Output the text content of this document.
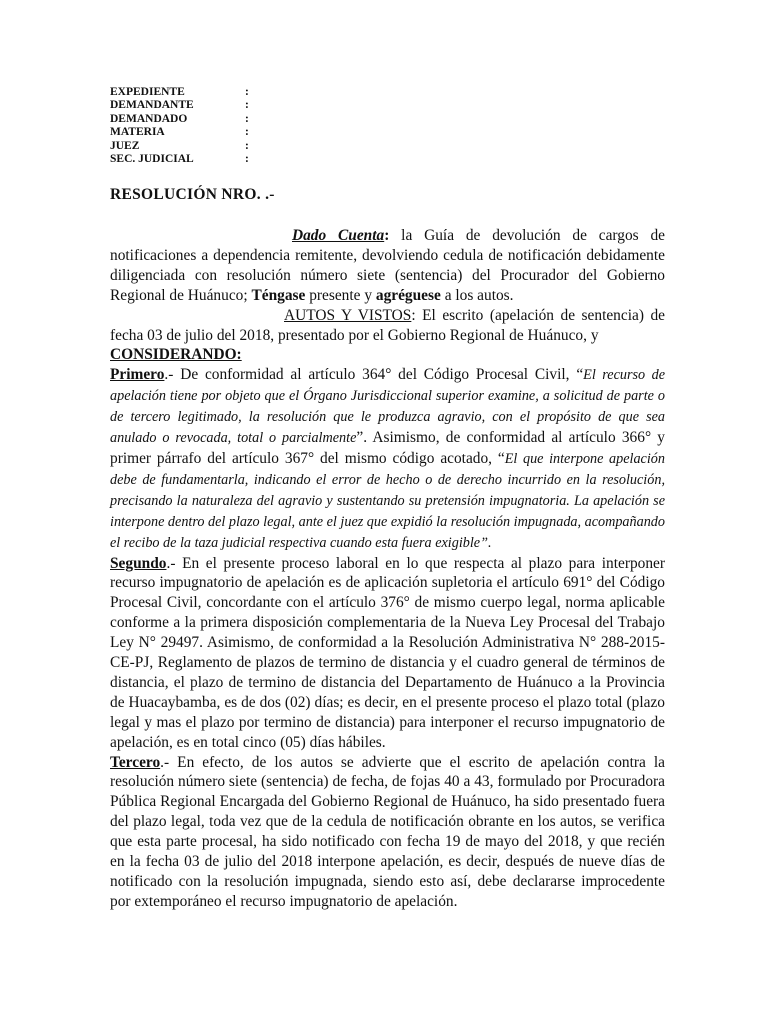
EXPEDIENTE	:
DEMANDANTE	:
DEMANDADO	:
MATERIA	:
JUEZ	:
SEC. JUDICIAL	:
RESOLUCIÓN NRO. .-

Dado Cuenta: la Guía de devolución de cargos de notificaciones a dependencia remitente, devolviendo cedula de notificación debidamente diligenciada con resolución número siete (sentencia) del Procurador del Gobierno Regional de Huánuco; Téngase presente y agréguese a los autos.

AUTOS Y VISTOS: El escrito (apelación de sentencia) de fecha 03 de julio del 2018, presentado por el Gobierno Regional de Huánuco, y

CONSIDERANDO:

Primero.- De conformidad al artículo 364° del Código Procesal Civil, “El recurso de apelación tiene por objeto que el Órgano Jurisdiccional superior examine, a solicitud de parte o de tercero legitimado, la resolución que le produzca agravio, con el propósito de que sea anulado o revocada, total o parcialmente”. Asimismo, de conformidad al artículo 366° y primer párrafo del artículo 367° del mismo código acotado, “El que interpone apelación debe de fundamentarla, indicando el error de hecho o de derecho incurrido en la resolución, precisando la naturaleza del agravio y sustentando su pretensión impugnatoria. La apelación se interpone dentro del plazo legal, ante el juez que expidió la resolución impugnada, acompañando el recibo de la taza judicial respectiva cuando esta fuera exigible”.

Segundo.- En el presente proceso laboral en lo que respecta al plazo para interponer recurso impugnatorio de apelación es de aplicación supletoria el artículo 691° del Código Procesal Civil, concordante con el artículo 376° de mismo cuerpo legal, norma aplicable conforme a la primera disposición complementaria de la Nueva Ley Procesal del Trabajo Ley N° 29497. Asimismo, de conformidad a la Resolución Administrativa N° 288-2015-CE-PJ, Reglamento de plazos de termino de distancia y el cuadro general de términos de distancia, el plazo de termino de distancia del Departamento de Huánuco a la Provincia de Huacaybamba, es de dos (02) días; es decir, en el presente proceso el plazo total (plazo legal y mas el plazo por termino de distancia) para interponer el recurso impugnatorio de apelación, es en total cinco (05) días hábiles.

Tercero.- En efecto, de los autos se advierte que el escrito de apelación contra la resolución número siete (sentencia) de fecha, de fojas 40 a 43, formulado por Procuradora Pública Regional Encargada del Gobierno Regional de Huánuco, ha sido presentado fuera del plazo legal, toda vez que de la cedula de notificación obrante en los autos, se verifica que esta parte procesal, ha sido notificado con fecha 19 de mayo del 2018, y que recién en la fecha 03 de julio del 2018 interpone apelación, es decir, después de nueve días de notificado con la resolución impugnada, siendo esto así, debe declararse improcedente por extemporáneo el recurso impugnatorio de apelación.
